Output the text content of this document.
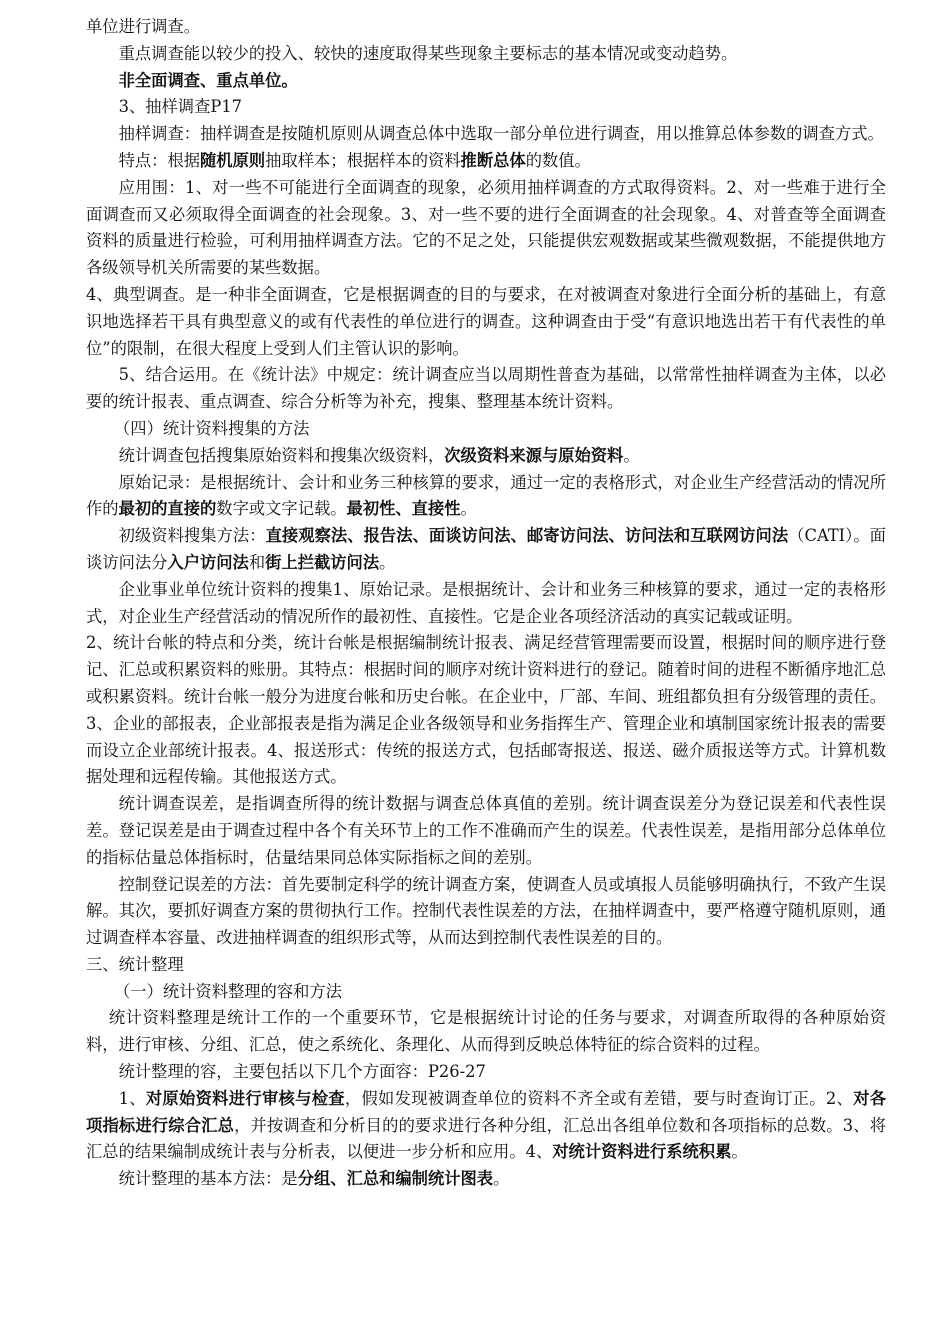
单位进行调查。

重点调查能以较少的投入、较快的速度取得某些现象主要标志的基本情况或变动趋势。

非全面调查、重点单位。

3、抽样调查P17

抽样调查：抽样调查是按随机原则从调查总体中选取一部分单位进行调查，用以推算总体参数的调查方式。

特点：根据随机原则抽取样本；根据样本的资料推断总体的数值。

应用围：1、对一些不可能进行全面调查的现象，必须用抽样调查的方式取得资料。2、对一些难于进行全面调查而又必须取得全面调查的社会现象。3、对一些不要的进行全面调查的社会现象。4、对普查等全面调查资料的质量进行检验，可利用抽样调查方法。它的不足之处，只能提供宏观数据或某些微观数据，不能提供地方各级领导机关所需要的某些数据。

4、典型调查。是一种非全面调查，它是根据调查的目的与要求，在对被调查对象进行全面分析的基础上，有意识地选择若干具有典型意义的或有代表性的单位进行的调查。这种调查由于受“有意识地选出若干有代表性的单位”的限制，在很大程度上受到人们主管认识的影响。

5、结合运用。在《统计法》中规定：统计调查应当以周期性普查为基础，以常常性抽样调查为主体，以必要的统计报表、重点调查、综合分析等为补充，搜集、整理基本统计资料。

（四）统计资料搜集的方法

统计调查包括搜集原始资料和搜集次级资料，次级资料来源与原始资料。

原始记录：是根据统计、会计和业务三种核算的要求，通过一定的表格形式，对企业生产经营活动的情况所作的最初的直接的数字或文字记载。最初性、直接性。

初级资料搜集方法：直接观察法、报告法、面谈访问法、邮寄访问法、访问法和互联网访问法（CATI）。面谈访问法分入户访问法和街上拦截访问法。

企业事业单位统计资料的搜集1、原始记录。是根据统计、会计和业务三种核算的要求，通过一定的表格形式，对企业生产经营活动的情况所作的最初性、直接性。它是企业各项经济活动的真实记载或证明。

2、统计台帐的特点和分类，统计台帐是根据编制统计报表、满足经营管理需要而设置，根据时间的顺序进行登记、汇总或积累资料的账册。其特点：根据时间的顺序对统计资料进行的登记。随着时间的进程不断循序地汇总或积累资料。统计台帐一般分为进度台帐和历史台帐。在企业中，厂部、车间、班组都负担有分级管理的责任。3、企业的部报表，企业部报表是指为满足企业各级领导和业务指挥生产、管理企业和填制国家统计报表的需要而设立企业部统计报表。4、报送形式：传统的报送方式，包括邮寄报送、报送、磁介质报送等方式。计算机数据处理和远程传输。其他报送方式。

统计调查误差，是指调查所得的统计数据与调查总体真值的差别。统计调查误差分为登记误差和代表性误差。登记误差是由于调查过程中各个有关环节上的工作不准确而产生的误差。代表性误差，是指用部分总体单位的指标估量总体指标时，估量结果同总体实际指标之间的差别。

控制登记误差的方法：首先要制定科学的统计调查方案，使调查人员或填报人员能够明确执行，不致产生误解。其次，要抓好调查方案的贯彻执行工作。控制代表性误差的方法，在抽样调查中，要严格遵守随机原则，通过调查样本容量、改进抽样调查的组织形式等，从而达到控制代表性误差的目的。

三、统计整理

（一）统计资料整理的容和方法

统计资料整理是统计工作的一个重要环节，它是根据统计讨论的任务与要求，对调查所取得的各种原始资料，进行审核、分组、汇总，使之系统化、条理化、从而得到反映总体特征的综合资料的过程。

统计整理的容，主要包括以下几个方面容：P26-27

1、对原始资料进行审核与检查，假如发现被调查单位的资料不齐全或有差错，要与时查询订正。2、对各项指标进行综合汇总，并按调查和分析目的的要求进行各种分组，汇总出各组单位数和各项指标的总数。3、将汇总的结果编制成统计表与分析表，以便进一步分析和应用。4、对统计资料进行系统积累。

统计整理的基本方法：是分组、汇总和编制统计图表。
